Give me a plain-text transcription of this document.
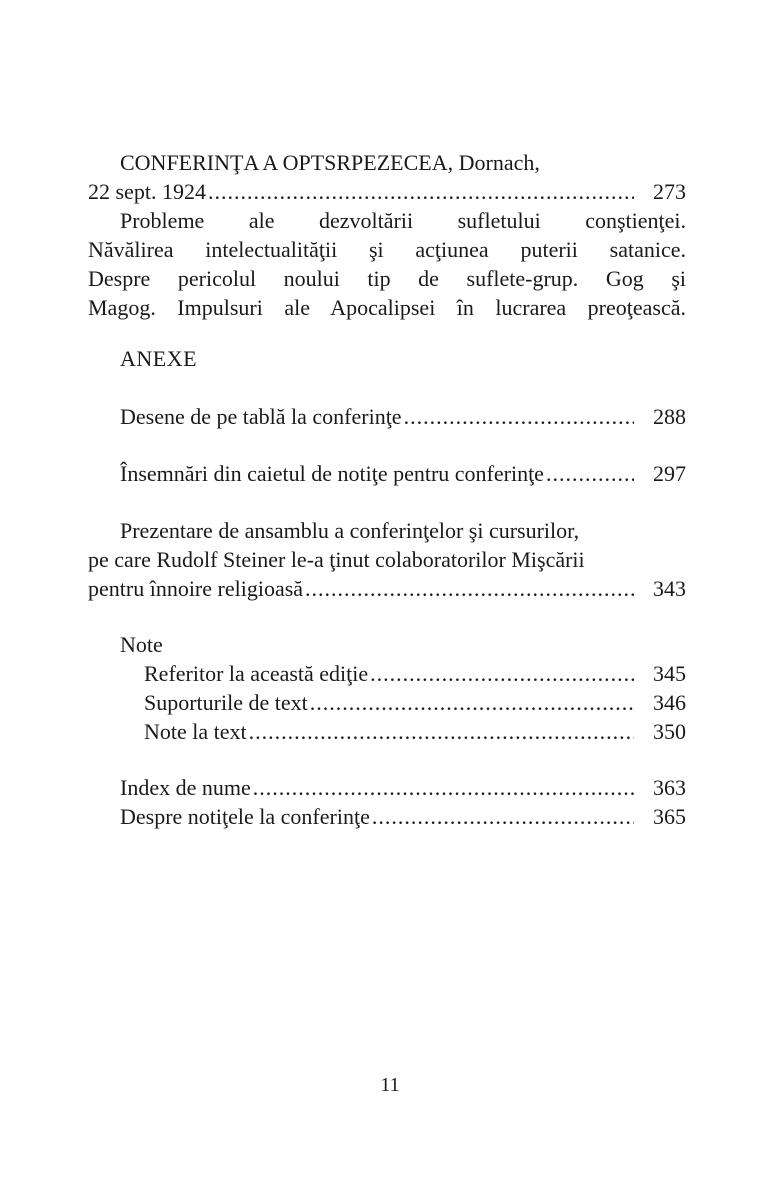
CONFERINŢA A OPTSRPEZECEA, Dornach,
22 sept. 1924 .....	273
Probleme ale dezvoltării sufletului conştienţei.
Năvălirea intelectualităţii şi acţiunea puterii satanice.
Despre pericolul noului tip de suflete-grup. Gog şi
Magog. Impulsuri ale Apocalipsei în lucrarea preoţească.
ANEXE
Desene de pe tablă la conferinţe .....	288
Însemnări din caietul de notiţe pentru conferinţe .....	297
Prezentare de ansamblu a conferinţelor şi cursurilor,
pe care Rudolf Steiner le-a ţinut colaboratorilor Mişcării
pentru înnoire religioasă .....	343
Note
Referitor la această ediţie .....	345
Suporturile de text .....	346
Note la text .....	350
Index de nume .....	363
Despre notiţele la conferinţe .....	365
11
